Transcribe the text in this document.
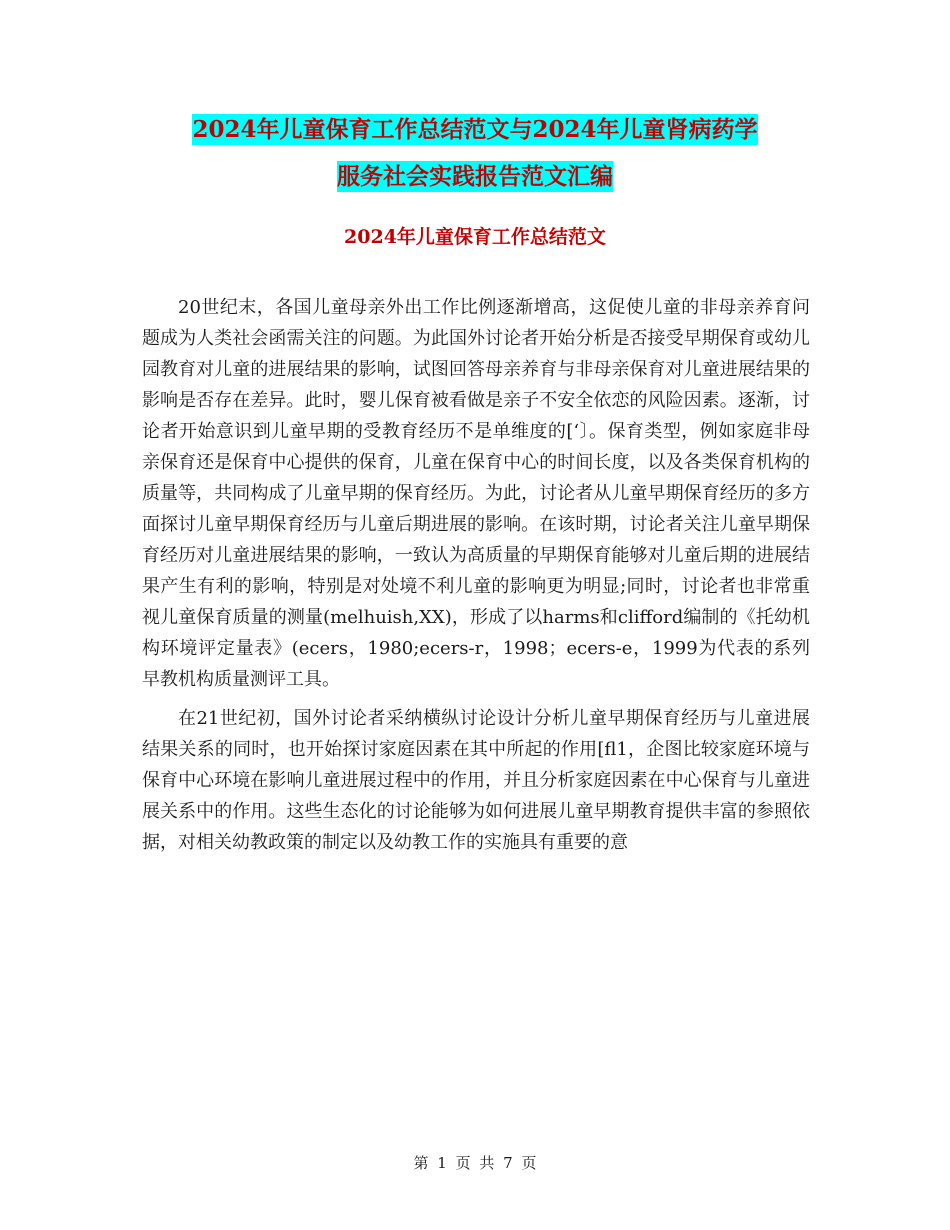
2024年儿童保育工作总结范文与2024年儿童肾病药学
服务社会实践报告范文汇编
2024年儿童保育工作总结范文

20世纪末，各国儿童母亲外出工作比例逐渐增高，这促使儿童的非母亲养育问题成为人类社会函需关注的问题。为此国外讨论者开始分析是否接受早期保育或幼儿园教育对儿童的进展结果的影响，试图回答母亲养育与非母亲保育对儿童进展结果的影响是否存在差异。此时，婴儿保育被看做是亲子不安全依恋的风险因素。逐渐，讨论者开始意识到儿童早期的受教育经历不是单维度的[‘〕。保育类型，例如家庭非母亲保育还是保育中心提供的保育，儿童在保育中心的时间长度，以及各类保育机构的质量等，共同构成了儿童早期的保育经历。为此，讨论者从儿童早期保育经历的多方面探讨儿童早期保育经历与儿童后期进展的影响。在该时期，讨论者关注儿童早期保育经历对儿童进展结果的影响，一致认为高质量的早期保育能够对儿童后期的进展结果产生有利的影响，特别是对处境不利儿童的影响更为明显;同时，讨论者也非常重视儿童保育质量的测量(melhuish,XX)，形成了以harms和clifford编制的《托幼机构环境评定量表》(ecers，1980;ecers-r，1998；ecers-e，1999为代表的系列早教机构质量测评工具。

在21世纪初，国外讨论者采纳横纵讨论设计分析儿童早期保育经历与儿童进展结果关系的同时，也开始探讨家庭因素在其中所起的作用[fl1，企图比较家庭环境与保育中心环境在影响儿童进展过程中的作用，并且分析家庭因素在中心保育与儿童进展关系中的作用。这些生态化的讨论能够为如何进展儿童早期教育提供丰富的参照依据，对相关幼教政策的制定以及幼教工作的实施具有重要的意

第 1 页 共 7 页
